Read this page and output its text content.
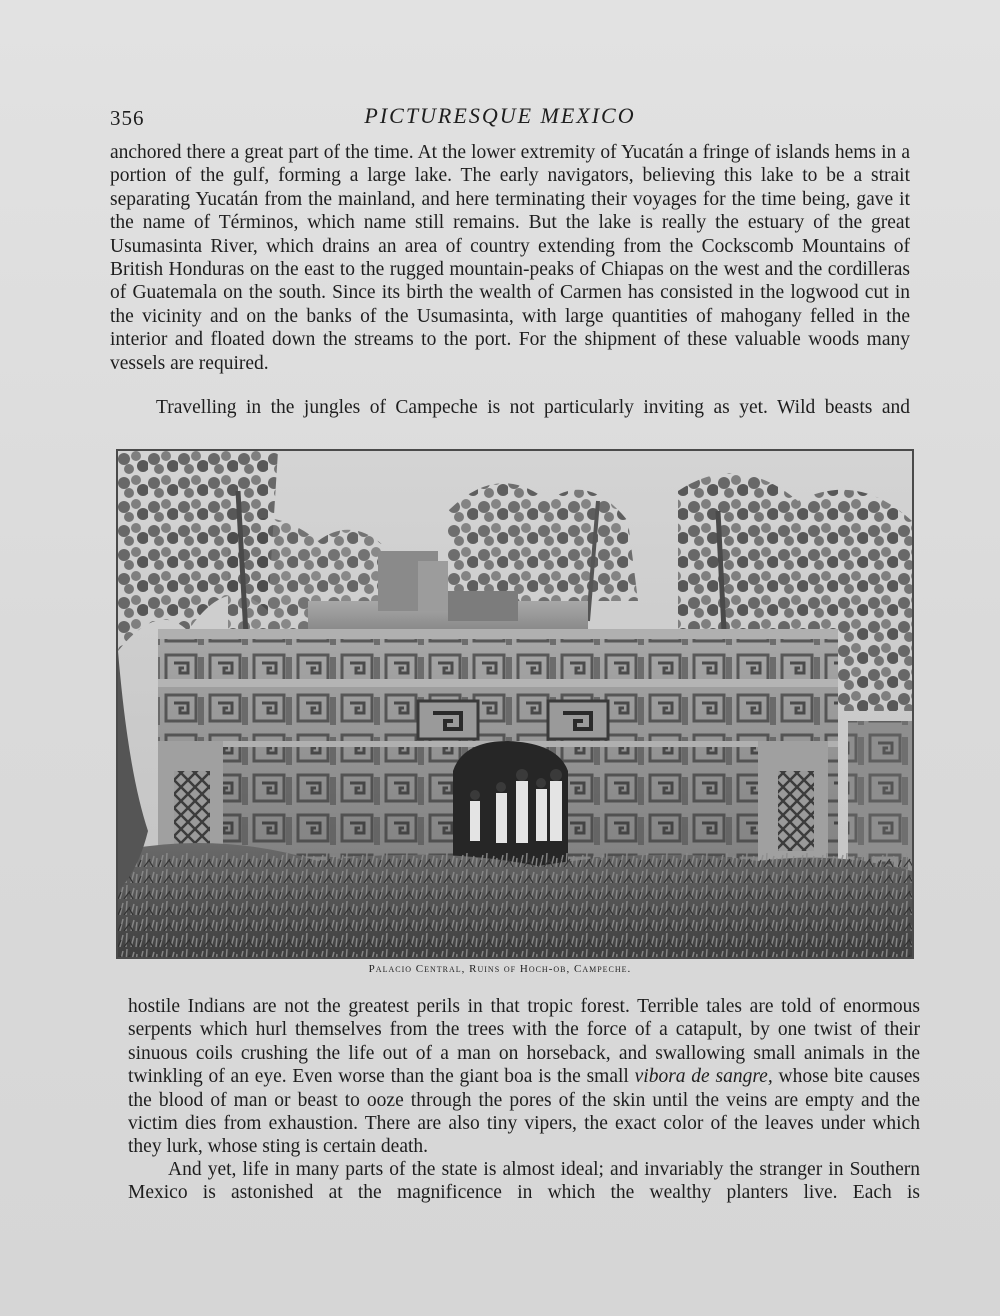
356	PICTURESQUE MEXICO

anchored there a great part of the time. At the lower extremity of Yucatán a fringe of islands hems in a portion of the gulf, forming a large lake. The early navigators, believing this lake to be a strait separating Yucatán from the mainland, and here terminating their voyages for the time being, gave it the name of Términos, which name still remains. But the lake is really the estuary of the great Usumasinta River, which drains an area of country extending from the Cockscomb Mountains of British Honduras on the east to the rugged mountain-peaks of Chiapas on the west and the cordilleras of Guatemala on the south. Since its birth the wealth of Carmen has consisted in the logwood cut in the vicinity and on the banks of the Usumasinta, with large quantities of mahogany felled in the interior and floated down the streams to the port. For the shipment of these valuable woods many vessels are required.

Travelling in the jungles of Campeche is not particularly inviting as yet. Wild beasts and

Palacio Central, Ruins of Hoch-ob, Campeche.

hostile Indians are not the greatest perils in that tropic forest. Terrible tales are told of enormous serpents which hurl themselves from the trees with the force of a catapult, by one twist of their sinuous coils crushing the life out of a man on horseback, and swallowing small animals in the twinkling of an eye. Even worse than the giant boa is the small vibora de sangre, whose bite causes the blood of man or beast to ooze through the pores of the skin until the veins are empty and the victim dies from exhaustion. There are also tiny vipers, the exact color of the leaves under which they lurk, whose sting is certain death.

And yet, life in many parts of the state is almost ideal; and invariably the stranger in Southern Mexico is astonished at the magnificence in which the wealthy planters live. Each is
